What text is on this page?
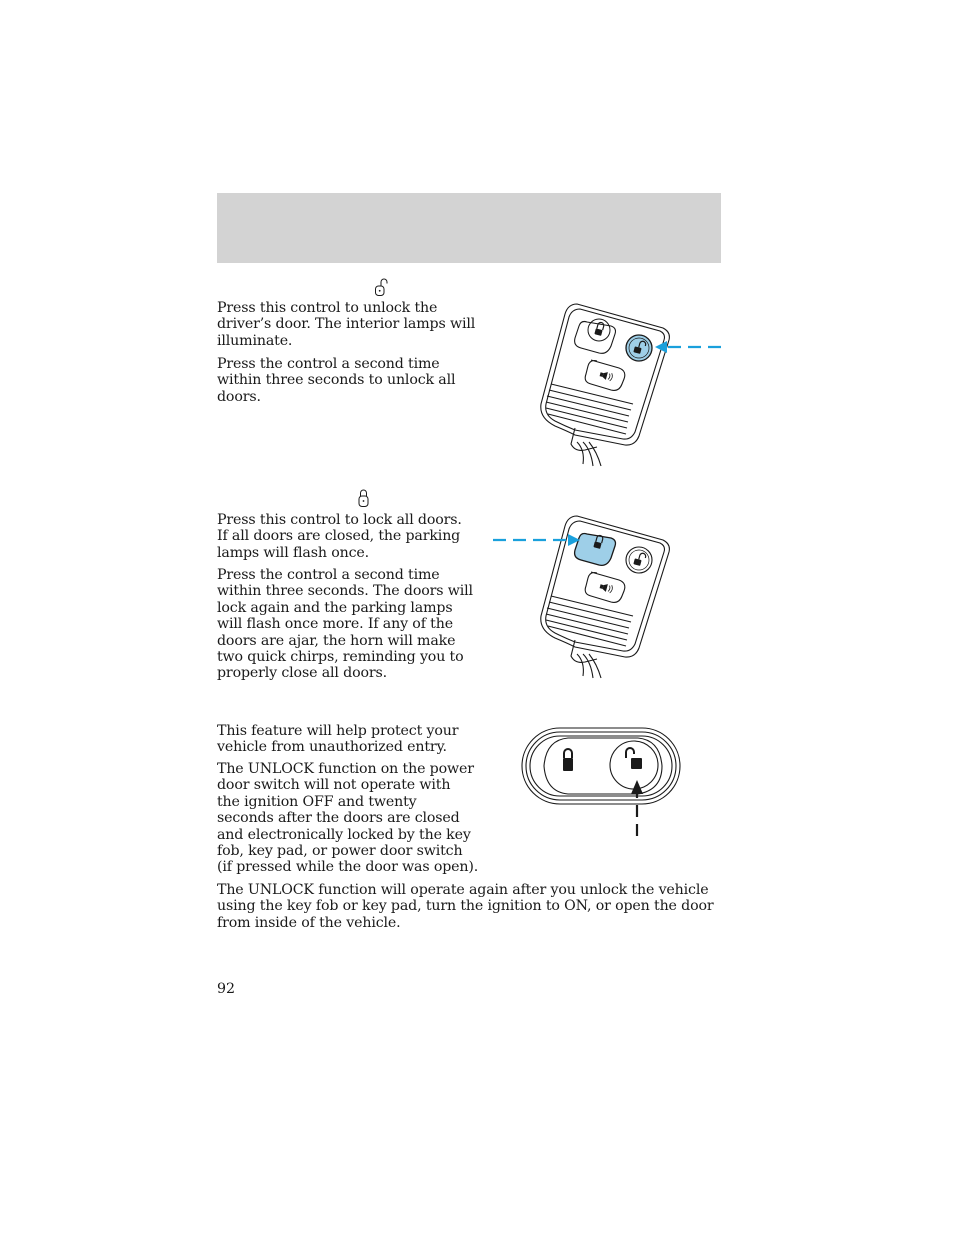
Press this control to unlock the
driver’s door. The interior lamps will
illuminate.
Press the control a second time
within three seconds to unlock all
doors.
Press this control to lock all doors.
If all doors are closed, the parking
lamps will flash once.
Press the control a second time
within three seconds. The doors will
lock again and the parking lamps
will flash once more. If any of the
doors are ajar, the horn will make
two quick chirps, reminding you to
properly close all doors.
This feature will help protect your
vehicle from unauthorized entry.
The UNLOCK function on the power
door switch will not operate with
the ignition OFF and twenty
seconds after the doors are closed
and electronically locked by the key
fob, key pad, or power door switch
(if pressed while the door was open).
The UNLOCK function will operate again after you unlock the vehicle
using the key fob or key pad, turn the ignition to ON, or open the door
from inside of the vehicle.
92
